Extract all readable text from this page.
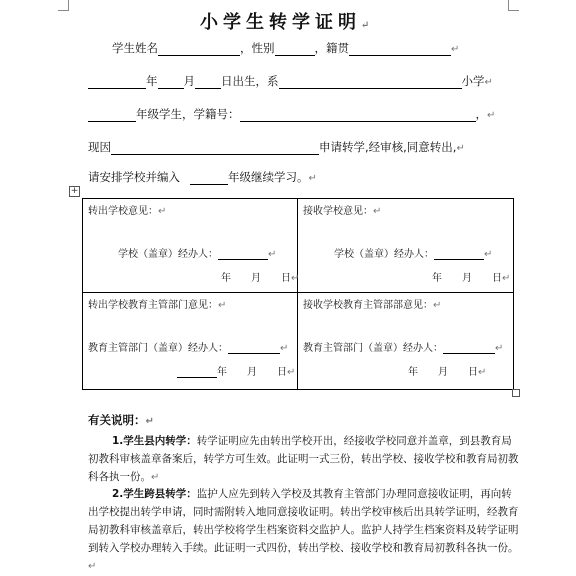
小学生转学证明↵
学生姓名	，性别	，籍贯	↵
年 月 日出生，系	小学↵
年级学生，学籍号：	，↵
现因	申请转学,经审核,同意转出,↵
请安排学校并编入	年级继续学习。↵
+
转出学校意见：↵
学校（盖章）经办人：	↵
年　　月　　日↵
接收学校意见：↵
学校（盖章）经办人：	↵
年　　月　　日↵
转出学校教育主管部门意见：↵
教育主管部门（盖章）经办人：	↵
年　　月　　日↵
接收学校教育主管部部意见：↵
教育主管部门（盖章）经办人：	↵
年　　月　　日↵
有关说明：↵
1.学生县内转学：转学证明应先由转出学校开出，经接收学校同意并盖章，到县教育局初教科审核盖章备案后，转学方可生效。此证明一式三份，转出学校、接收学校和教育局初教科各执一份。↵
2.学生跨县转学：监护人应先到转入学校及其教育主管部门办理同意接收证明，再向转出学校提出转学申请，同时需附转入地同意接收证明。转出学校审核后出具转学证明，经教育局初教科审核盖章后，转出学校将学生档案资料交监护人。监护人持学生档案资料及转学证明到转入学校办理转入手续。此证明一式四份，转出学校、接收学校和教育局初教科各执一份。↵
